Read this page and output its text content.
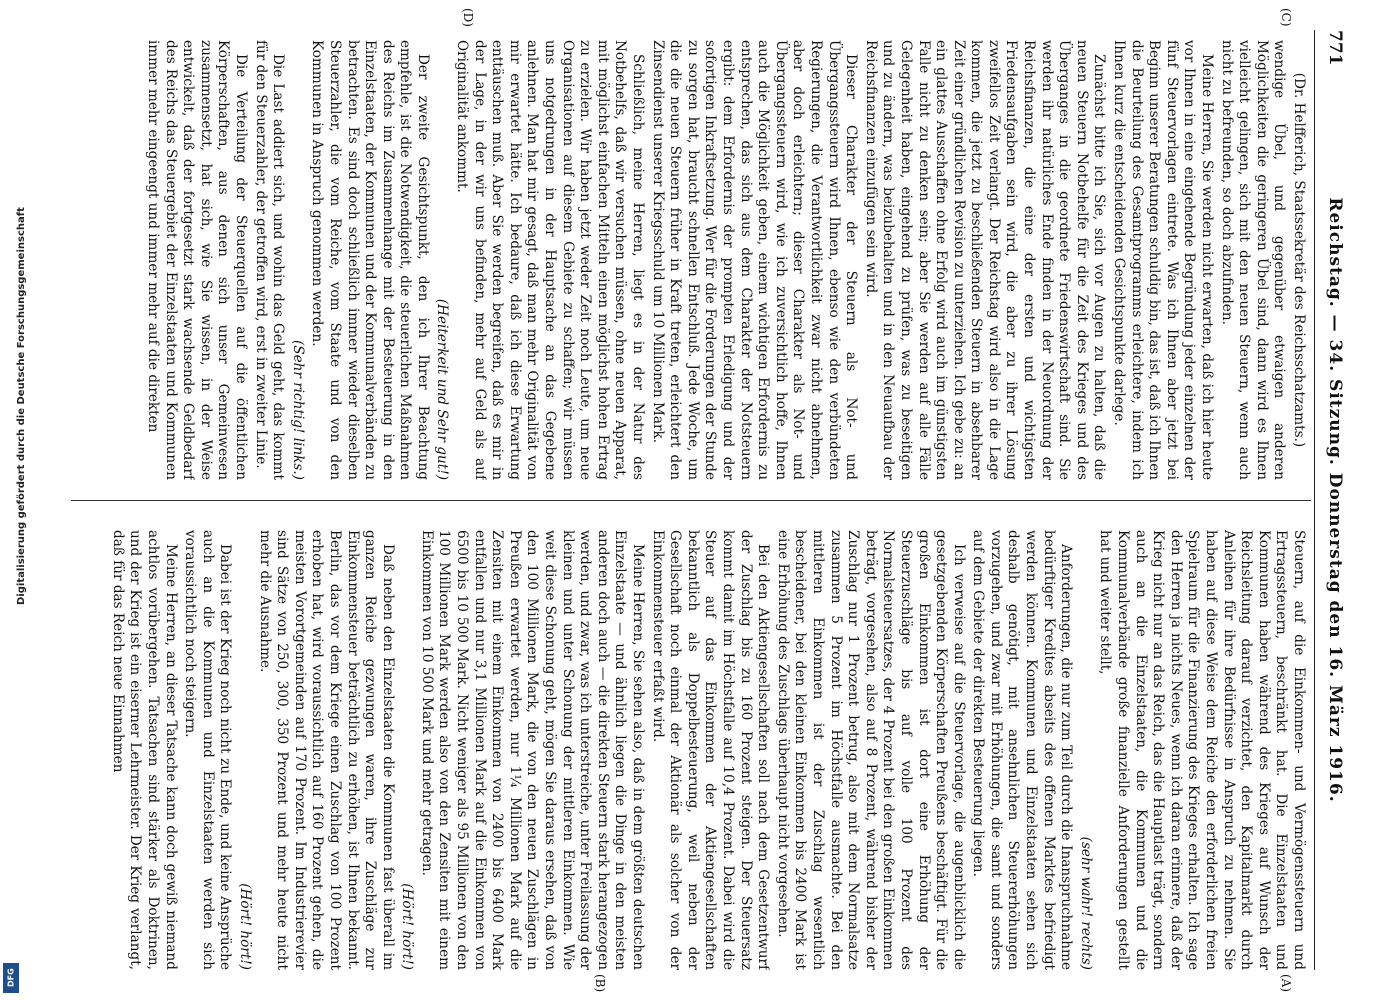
Digitalisierung gefördert durch die Deutsche Forschungsgemeinschaft
DFG
771
Reichstag. — 34. Sitzung. Donnerstag den 16. März 1916.
(C)
(D)
(A)
(B)

(Dr. Helfferich, Staatssekretär des Reichsschatzamts.)

wendige Übel, und gegenüber etwaigen anderen Möglichkeiten die geringeren Übel sind, dann wird es Ihnen vielleicht gelingen, sich mit den neuen Steuern, wenn auch nicht zu befreunden, so doch abzufinden.

Meine Herren, Sie werden nicht erwarten, daß ich hier heute vor Ihnen in eine eingehende Begründung jeder einzelnen der fünf Steuervorlagen eintrete. Was ich Ihnen aber jetzt bei Beginn unserer Beratungen schuldig bin, das ist, daß ich Ihnen die Beurteilung des Gesamtprogramms erleichtere, indem ich Ihnen kurz die entscheidenden Gesichtspunkte darlege.

Zunächst bitte ich Sie, sich vor Augen zu halten, daß die neuen Steuern Notbehelfe für die Zeit des Krieges und des Überganges in die geordnete Friedenswirtschaft sind. Sie werden ihr natürliches Ende finden in der Neuordnung der Reichsfinanzen, die eine der ersten und wichtigsten Friedensaufgaben sein wird, die aber zu ihrer Lösung zweifellos Zeit verlangt. Der Reichstag wird also in die Lage kommen, die jetzt zu beschließenden Steuern in absehbarer Zeit einer gründlichen Revision zu unterziehen. Ich gebe zu: an ein glattes Ausschaffen ohne Erfolg wird auch im günstigsten Falle nicht zu denken sein; aber Sie werden auf alle Fälle Gelegenheit haben, eingehend zu prüfen, was zu beseitigen und zu ändern, was beizubehalten und in den Neuaufbau der Reichsfinanzen einzufügen sein wird.

Dieser Charakter der Steuern als Not- und Übergangssteuern wird Ihnen, ebenso wie den verbündeten Regierungen, die Verantwortlichkeit zwar nicht abnehmen, aber doch erleichtern; dieser Charakter als Not- und Übergangssteuern wird, wie ich zuversichtlich hoffe, Ihnen auch die Möglichkeit geben, einem wichtigen Erfordernis zu entsprechen, das sich aus dem Charakter der Notsteuern ergibt: dem Erfordernis der prompten Erledigung und der sofortigen Inkraftsetzung. Wer für die Forderungen der Stunde zu sorgen hat, braucht schnellen Entschluß. Jede Woche, um die die neuen Steuern früher in Kraft treten, erleichtert den Zinsendienst unserer Kriegsschuld um 10 Millionen Mark.

Schließlich, meine Herren, liegt es in der Natur des Notbehelfs, daß wir versuchen müssen, ohne neuen Apparat, mit möglichst einfachen Mitteln einen möglichst hohen Ertrag zu erzielen. Wir haben jetzt weder Zeit noch Leute, um neue Organisationen auf diesem Gebiete zu schaffen; wir müssen uns notgedrungen in der Hauptsache an das Gegebene anlehnen. Man hat mir gesagt, daß man mehr Originalität von mir erwartet hätte. Ich bedaure, daß ich diese Erwartung enttäuschen muß. Aber Sie werden begreifen, daß es mir in der Lage, in der wir uns befinden, mehr auf Geld als auf Originalität ankommt.

(Heiterkeit und Sehr gut!)

Der zweite Gesichtspunkt, den ich Ihrer Beachtung empfehle, ist die Notwendigkeit, die steuerlichen Maßnahmen des Reichs im Zusammenhange mit der Besteuerung in den Einzelstaaten, der Kommunen und der Kommunalverbänden zu betrachten. Es sind doch schließlich immer wieder dieselben Steuerzahler, die vom Reiche, vom Staate und von den Kommunen in Anspruch genommen werden.

(Sehr richtig! links.)

Die Last addiert sich, und wohin das Geld geht, das kommt für den Steuerzahler, der getroffen wird, erst in zweiter Linie.

Die Verteilung der Steuerquellen auf die öffentlichen Körperschaften, aus denen sich unser Gemeinwesen zusammensetzt, hat sich, wie Sie wissen, in der Weise entwickelt, daß der fortgesetzt stark wachsende Geldbedarf des Reichs das Steuergebiet der Einzelstaaten und Kommunen immer mehr eingeengt und immer mehr auf die direkten

Steuern, auf die Einkommen- und Vermögenssteuern und Ertragssteuern, beschränkt hat. Die Einzelstaaten und Kommunen haben während des Krieges auf Wunsch der Reichsleitung darauf verzichtet, den Kapitalmarkt durch Anleihen für ihre Bedürfnisse in Anspruch zu nehmen. Sie haben auf diese Weise dem Reiche den erforderlichen freien Spielraum für die Finanzierung des Krieges erhalten. Ich sage den Herren ja nichts Neues, wenn ich daran erinnere, daß der Krieg nicht nur an das Reich, das die Hauptlast trägt, sondern auch an die Einzelstaaten, die Kommunen und die Kommunalverbände große finanzielle Anforderungen gestellt hat und weiter stellt,

(sehr wahr! rechts)

Anforderungen, die nur zum Teil durch die Inanspruchnahme bedürftiger Kredites abseits des offenen Marktes befriedigt werden können. Kommunen und Einzelstaaten sehen sich deshalb genötigt, mit ansehnlichen Steuererhöhungen vorzugehen, und zwar mit Erhöhungen, die samt und sonders auf dem Gebiete der direkten Besteuerung liegen.

Ich verweise auf die Steuervorlage, die augenblicklich die gesetzgebenden Körperschaften Preußens beschäftigt. Für die großen Einkommen ist dort eine Erhöhung der Steuerzuschläge bis auf volle 100 Prozent des Normalsteuersatzes, der 4 Prozent bei den großen Einkommen beträgt, vorgesehen, also auf 8 Prozent, während bisher der Zuschlag nur 1 Prozent betrug, also mit dem Normalsatze zusammen 5 Prozent im Höchstfalle ausmachte. Bei den mittleren Einkommen ist der Zuschlag wesentlich bescheidener, bei den kleinen Einkommen bis 2400 Mark ist eine Erhöhung des Zuschlags überhaupt nicht vorgesehen.

Bei den Aktiengesellschaften soll nach dem Gesetzentwurf der Zuschlag bis zu 160 Prozent steigen. Der Steuersatz kommt damit im Höchstfalle auf 10,4 Prozent. Dabei wird die Steuer auf das Einkommen der Aktiengesellschaften bekanntlich als Doppelbesteuerung, weil neben der Gesellschaft noch einmal der Aktionär als solcher von der Einkommensteuer erfaßt wird.

Meine Herren, Sie sehen also, daß in dem größten deutschen Einzelstaate — und ähnlich liegen die Dinge in den meisten anderen doch auch — die direkten Steuern stark herangezogen werden, und zwar, was ich unterstreiche, unter Freilassung der kleinen und unter Schonung der mittleren Einkommen. Wie weit diese Schonung geht, mögen Sie daraus ersehen, daß von den 100 Millionen Mark, die von den neuen Zuschlägen in Preußen erwartet werden, nur 1¼ Millionen Mark auf die Zensiten mit einem Einkommen von 2400 bis 6400 Mark entfallen und nur 3,1 Millionen Mark auf die Einkommen von 6500 bis 10 500 Mark. Nicht weniger als 95 Millionen von den 100 Millionen Mark werden also von den Zensiten mit einem Einkommen von 10 500 Mark und mehr getragen.

(Hört! hört!)

Daß neben den Einzelstaaten die Kommunen fast überall im ganzen Reiche gezwungen waren, ihre Zuschläge zur Einkommensteuer beträchtlich zu erhöhen, ist Ihnen bekannt. Berlin, das vor dem Kriege einen Zuschlag von 100 Prozent erhoben hat, wird voraussichtlich auf 160 Prozent gehen, die meisten Vorortgemeinden auf 170 Prozent. Im Industrierevier sind Sätze von 250, 300, 350 Prozent und mehr heute nicht mehr die Ausnahme.

(Hört! hört!)

Dabei ist der Krieg noch nicht zu Ende, und keine Ansprüche auch an die Kommunen und Einzelstaaten werden sich voraussichtlich noch steigern.

Meine Herren, an dieser Tatsache kann doch gewiß niemand achtlos vorübergehen. Tatsachen sind stärker als Doktrinen, und der Krieg ist ein eiserner Lehrmeister. Der Krieg verlangt, daß für das Reich neue Einnahmen
